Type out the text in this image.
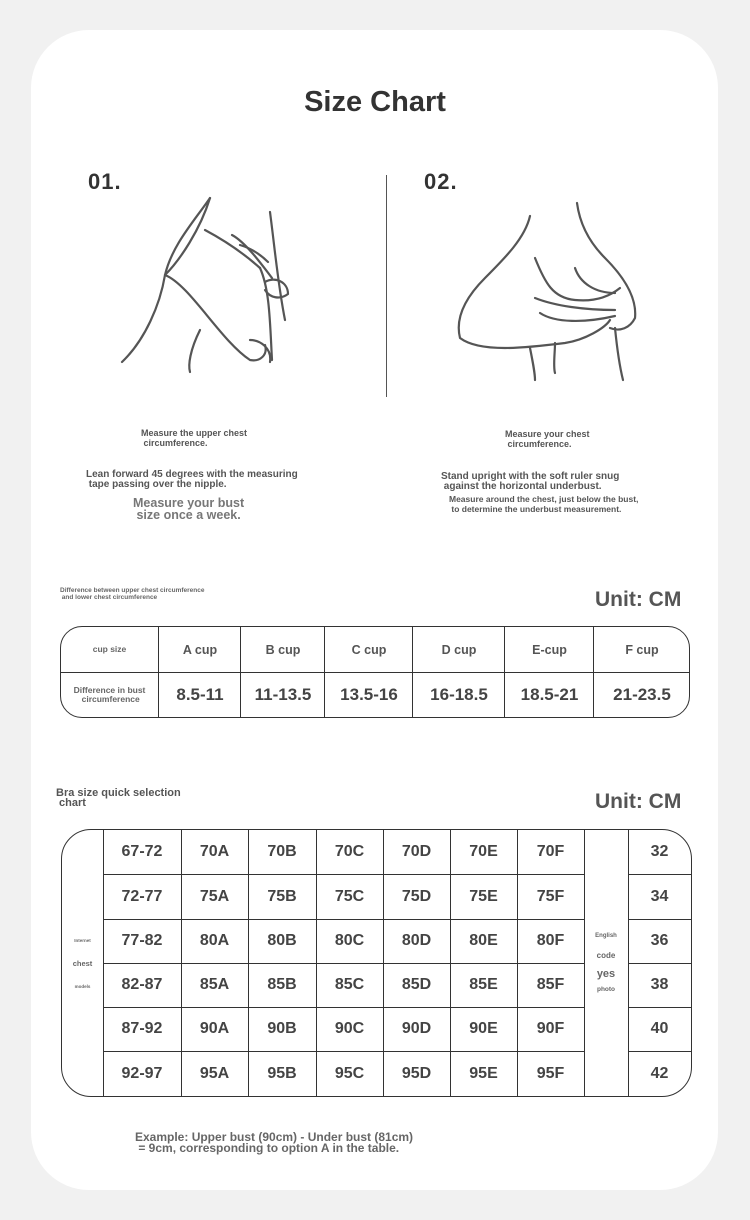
Size Chart
01.
Measure the upper chest
circumference.
Lean forward 45 degrees with the measuring
tape passing over the nipple.
Measure your bust
size once a week.
02.
Measure your chest
circumference.
Stand upright with the soft ruler snug
against the horizontal underbust.
Measure around the chest, just below the bust,
to determine the underbust measurement.
Difference between upper chest circumference
and lower chest circumference	Unit: CM
cup size	A cup	B cup	C cup	D cup	E-cup	F cup
Difference in bust
circumference	8.5-11	11-13.5	13.5-16	16-18.5	18.5-21	21-23.5
Bra size quick selection
chart	Unit: CM
Internet
chest
models
English
code
yes
photo
67-72	70A	70B	70C	70D	70E	70F	32
72-77	75A	75B	75C	75D	75E	75F	34
77-82	80A	80B	80C	80D	80E	80F	36
82-87	85A	85B	85C	85D	85E	85F	38
87-92	90A	90B	90C	90D	90E	90F	40
92-97	95A	95B	95C	95D	95E	95F	42
Example: Upper bust (90cm) - Under bust (81cm)
= 9cm, corresponding to option A in the table.
